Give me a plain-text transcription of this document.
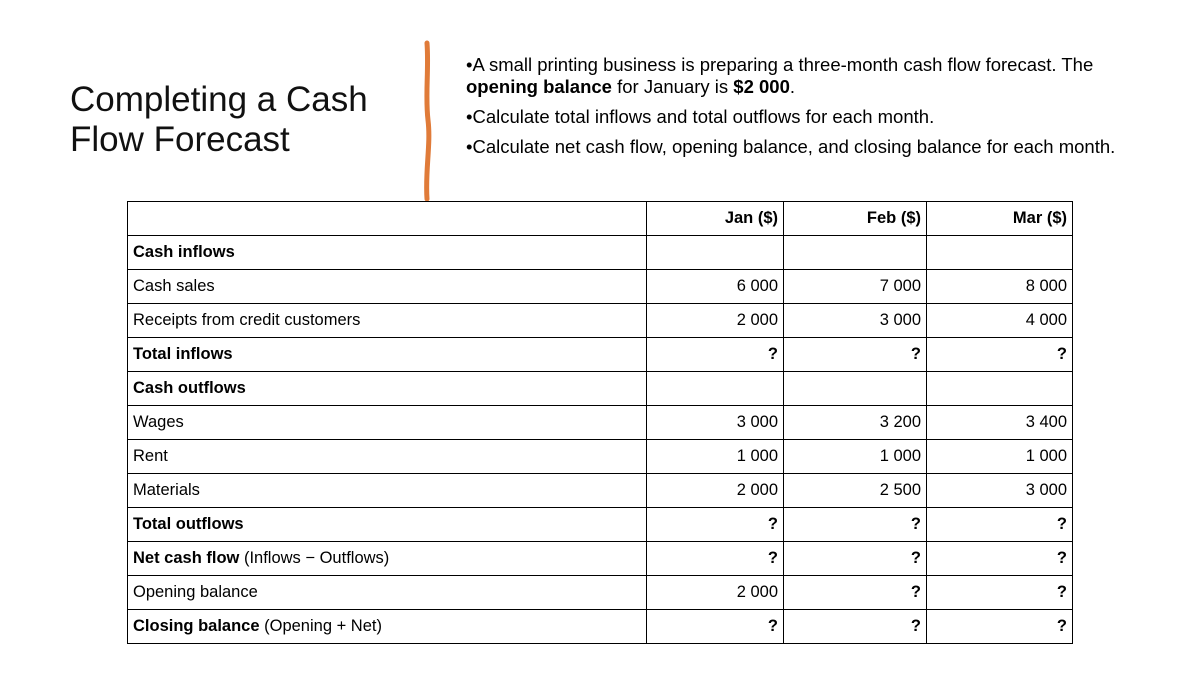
Completing a Cash Flow Forecast
•A small printing business is preparing a three-month cash flow forecast. The opening balance for January is $2 000.
•Calculate total inflows and total outflows for each month.
•Calculate net cash flow, opening balance, and closing balance for each month.
	Jan ($)	Feb ($)	Mar ($)
Cash inflows			
Cash sales	6 000	7 000	8 000
Receipts from credit customers	2 000	3 000	4 000
Total inflows	?	?	?
Cash outflows			
Wages	3 000	3 200	3 400
Rent	1 000	1 000	1 000
Materials	2 000	2 500	3 000
Total outflows	?	?	?
Net cash flow (Inflows − Outflows)	?	?	?
Opening balance	2 000	?	?
Closing balance (Opening + Net)	?	?	?
